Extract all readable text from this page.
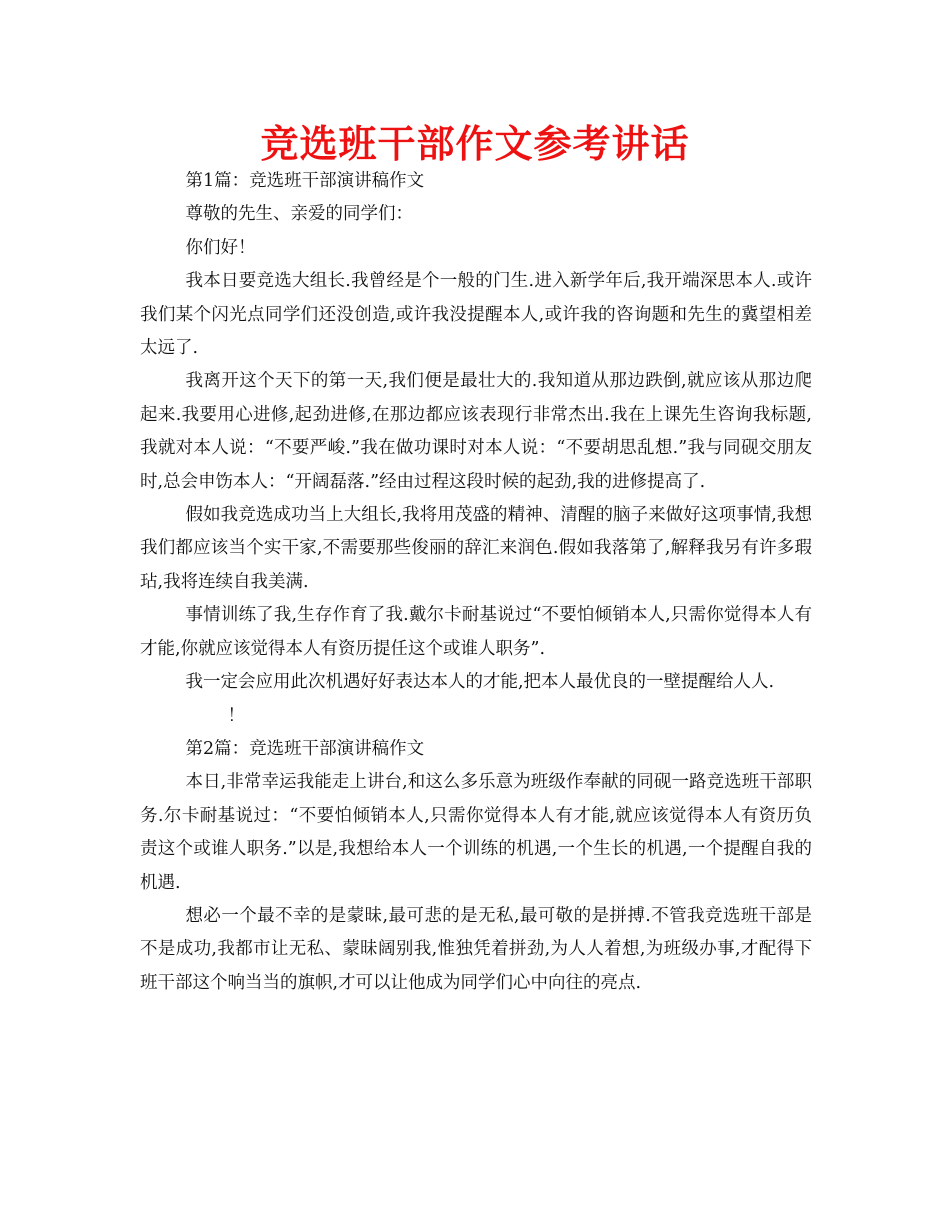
竞选班干部作文参考讲话

第1篇：竞选班干部演讲稿作文

尊敬的先生、亲爱的同学们：

你们好！

我本日要竞选大组长.我曾经是个一般的门生.进入新学年后,我开端深思本人.或许我们某个闪光点同学们还没创造,或许我没提醒本人,或许我的咨询题和先生的冀望相差太远了.

我离开这个天下的第一天,我们便是最壮大的.我知道从那边跌倒,就应该从那边爬起来.我要用心进修,起劲进修,在那边都应该表现行非常杰出.我在上课先生咨询我标题,我就对本人说：“不要严峻.”我在做功课时对本人说：“不要胡思乱想.”我与同砚交朋友时,总会申饬本人：“开阔磊落.”经由过程这段时候的起劲,我的进修提高了.

假如我竞选成功当上大组长,我将用茂盛的精神、清醒的脑子来做好这项事情,我想我们都应该当个实干家,不需要那些俊丽的辞汇来润色.假如我落第了,解释我另有许多瑕玷,我将连续自我美满.

事情训练了我,生存作育了我.戴尔卡耐基说过“不要怕倾销本人,只需你觉得本人有才能,你就应该觉得本人有资历提任这个或谁人职务”.

我一定会应用此次机遇好好表达本人的才能,把本人最优良的一壁提醒给人人.

！

第2篇：竞选班干部演讲稿作文

本日,非常幸运我能走上讲台,和这么多乐意为班级作奉献的同砚一路竞选班干部职务.尔卡耐基说过：“不要怕倾销本人,只需你觉得本人有才能,就应该觉得本人有资历负责这个或谁人职务.”以是,我想给本人一个训练的机遇,一个生长的机遇,一个提醒自我的机遇.

想必一个最不幸的是蒙昧,最可悲的是无私,最可敬的是拼搏.不管我竞选班干部是不是成功,我都市让无私、蒙昧阔别我,惟独凭着拼劲,为人人着想,为班级办事,才配得下班干部这个响当当的旗帜,才可以让他成为同学们心中向往的亮点.
